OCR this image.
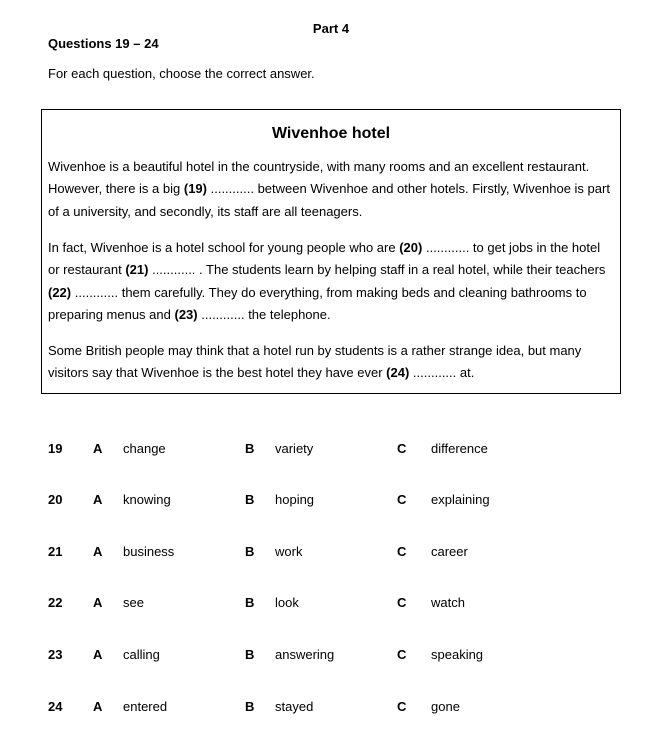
Part 4
Questions 19 – 24
For each question, choose the correct answer.
Wivenhoe hotel
Wivenhoe is a beautiful hotel in the countryside, with many rooms and an excellent restaurant.
However, there is a big (19) ............ between Wivenhoe and other hotels. Firstly, Wivenhoe is part
of a university, and secondly, its staff are all teenagers.
In fact, Wivenhoe is a hotel school for young people who are (20) ............ to get jobs in the hotel
or restaurant (21) ............ . The students learn by helping staff in a real hotel, while their teachers
(22) ............ them carefully. They do everything, from making beds and cleaning bathrooms to
preparing menus and (23) ............ the telephone.
Some British people may think that a hotel run by students is a rather strange idea, but many
visitors say that Wivenhoe is the best hotel they have ever (24) ............ at.
19 A change	B variety	C difference
20 A knowing	B hoping	C explaining
21 A business	B work	C career
22 A see	B look	C watch
23 A calling	B answering	C speaking
24 A entered	B stayed	C gone
